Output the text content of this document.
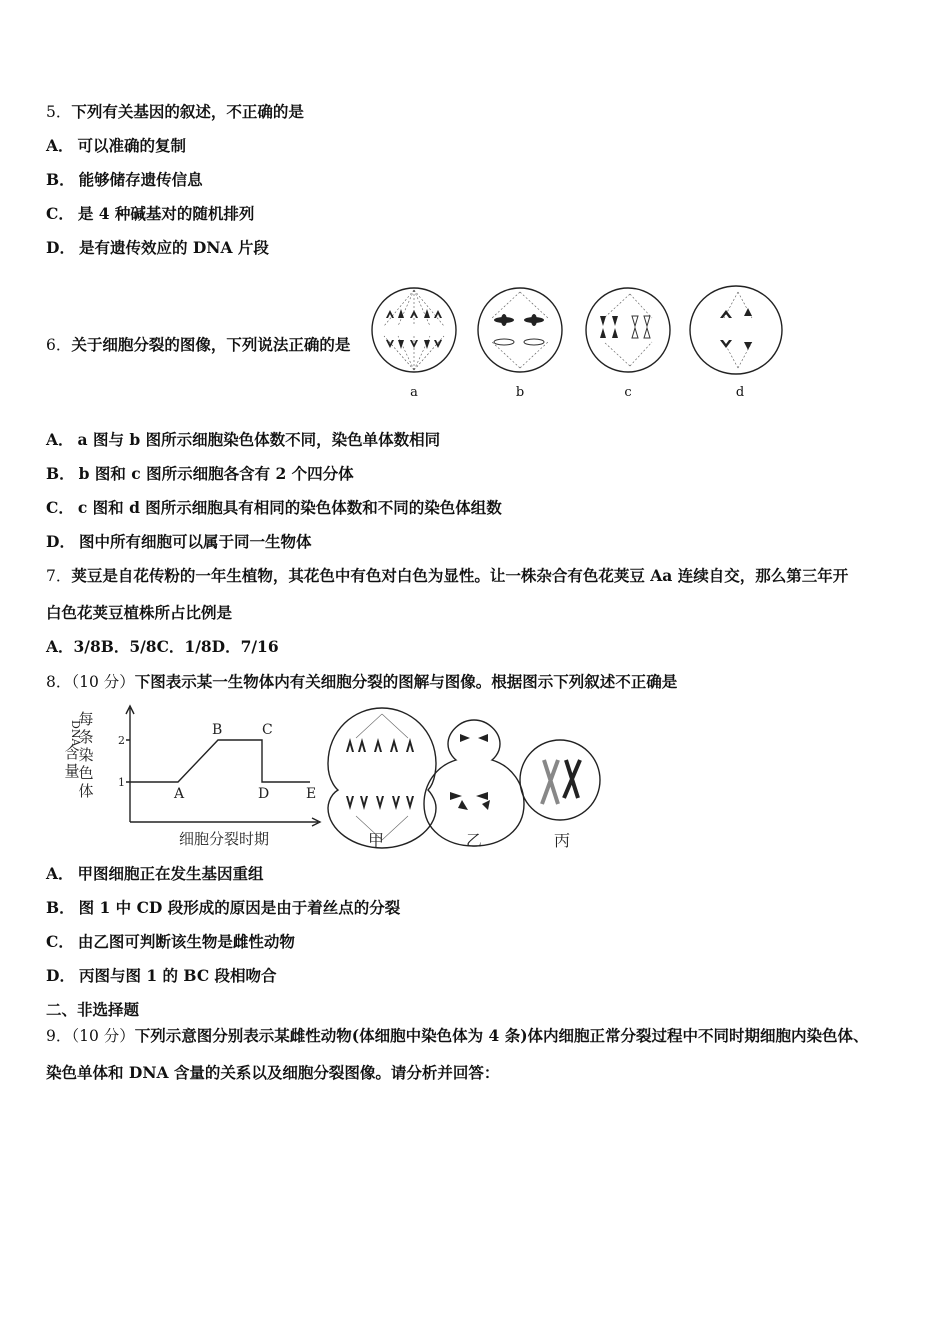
5．下列有关基因的叙述，不正确的是
A． 可以准确的复制
B． 能够储存遗传信息
C． 是 4 种碱基对的随机排列
D． 是有遗传效应的 DNA 片段
6．关于细胞分裂的图像，下列说法正确的是
a	b	c	d
A． a 图与 b 图所示细胞染色体数不同，染色单体数相同
B． b 图和 c 图所示细胞各含有 2 个四分体
C． c 图和 d 图所示细胞具有相同的染色体数和不同的染色体组数
D． 图中所有细胞可以属于同一生物体
7．荚豆是自花传粉的一年生植物，其花色中有色对白色为显性。让一株杂合有色花荚豆 Aa 连续自交，那么第三年开
白色花荚豆植株所占比例是
A．3/8B．5/8C．1/8D．7/16
8．（10 分）下图表示某一生物体内有关细胞分裂的图解与图像。根据图示下列叙述不正确是
每
条
染
色
体
DNA
含
量
2
1
A
B	C
D	E
细胞分裂时期	甲	乙	丙
A． 甲图细胞正在发生基因重组
B． 图 1 中 CD 段形成的原因是由于着丝点的分裂
C． 由乙图可判断该生物是雌性动物
D． 丙图与图 1 的 BC 段相吻合
二、非选择题
9．（10 分）下列示意图分别表示某雌性动物(体细胞中染色体为 4 条)体内细胞正常分裂过程中不同时期细胞内染色体、
染色单体和 DNA 含量的关系以及细胞分裂图像。请分析并回答：
